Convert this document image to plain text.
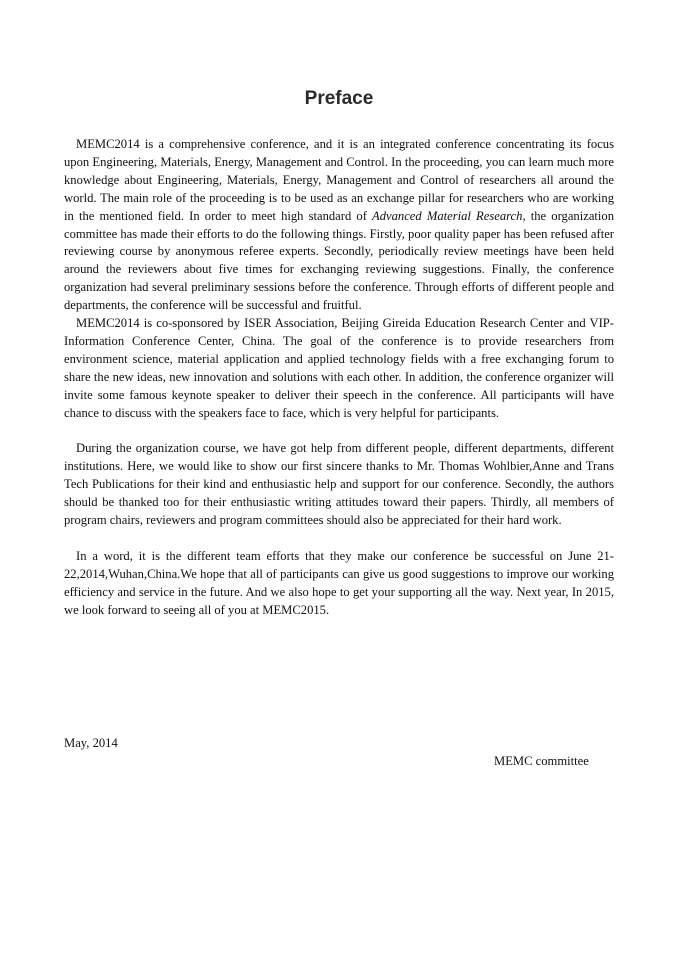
Preface

MEMC2014 is a comprehensive conference, and it is an integrated conference concentrating its focus upon Engineering, Materials, Energy, Management and Control. In the proceeding, you can learn much more knowledge about Engineering, Materials, Energy, Management and Control of researchers all around the world. The main role of the proceeding is to be used as an exchange pillar for researchers who are working in the mentioned field. In order to meet high standard of Advanced Material Research, the organization committee has made their efforts to do the following things. Firstly, poor quality paper has been refused after reviewing course by anonymous referee experts. Secondly, periodically review meetings have been held around the reviewers about five times for exchanging reviewing suggestions. Finally, the conference organization had several preliminary sessions before the conference. Through efforts of different people and departments, the conference will be successful and fruitful.

MEMC2014 is co-sponsored by ISER Association, Beijing Gireida Education Research Center and VIP-Information Conference Center, China. The goal of the conference is to provide researchers from environment science, material application and applied technology fields with a free exchanging forum to share the new ideas, new innovation and solutions with each other. In addition, the conference organizer will invite some famous keynote speaker to deliver their speech in the conference. All participants will have chance to discuss with the speakers face to face, which is very helpful for participants.

During the organization course, we have got help from different people, different departments, different institutions. Here, we would like to show our first sincere thanks to Mr. Thomas Wohlbier,Anne and Trans Tech Publications for their kind and enthusiastic help and support for our conference. Secondly, the authors should be thanked too for their enthusiastic writing attitudes toward their papers. Thirdly, all members of program chairs, reviewers and program committees should also be appreciated for their hard work.

In a word, it is the different team efforts that they make our conference be successful on June 21-22,2014,Wuhan,China.We hope that all of participants can give us good suggestions to improve our working efficiency and service in the future. And we also hope to get your supporting all the way. Next year, In 2015, we look forward to seeing all of you at MEMC2015.

May, 2014
MEMC committee
